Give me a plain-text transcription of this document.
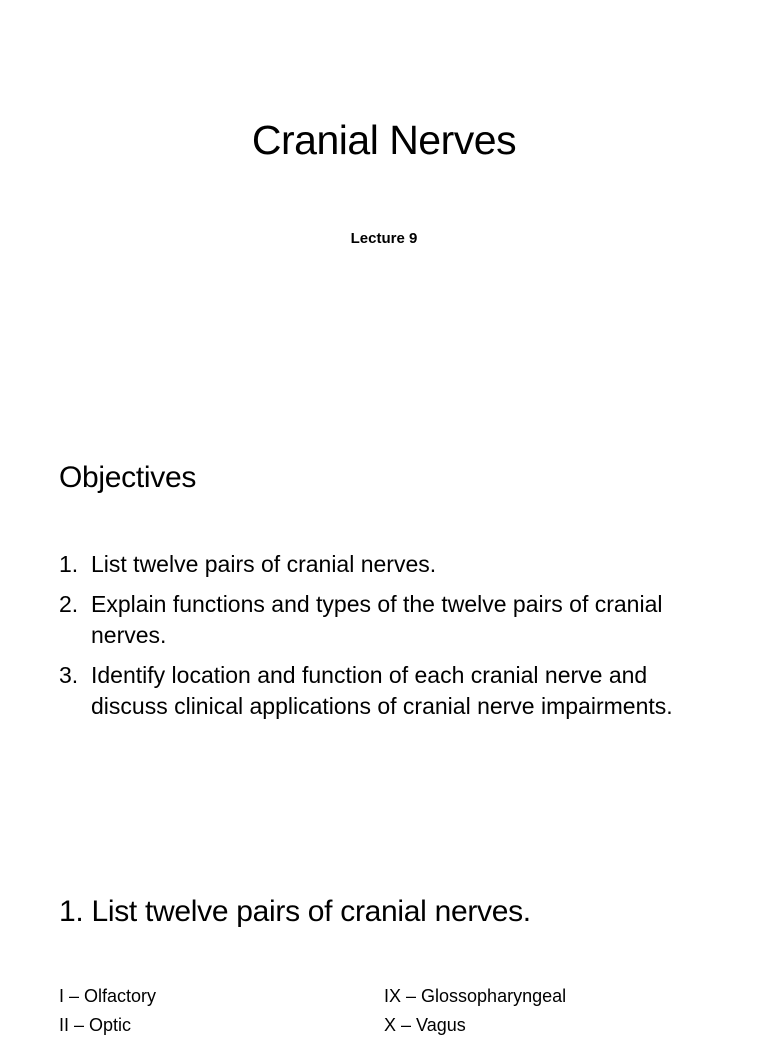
Cranial Nerves
Lecture 9
Objectives
1. List twelve pairs of cranial nerves.
2. Explain functions and types of the twelve pairs of cranial nerves.
3. Identify location and function of each cranial nerve and discuss clinical applications of cranial nerve impairments.
1. List twelve pairs of cranial nerves.
I – Olfactory
II – Optic
IX – Glossopharyngeal
X – Vagus
